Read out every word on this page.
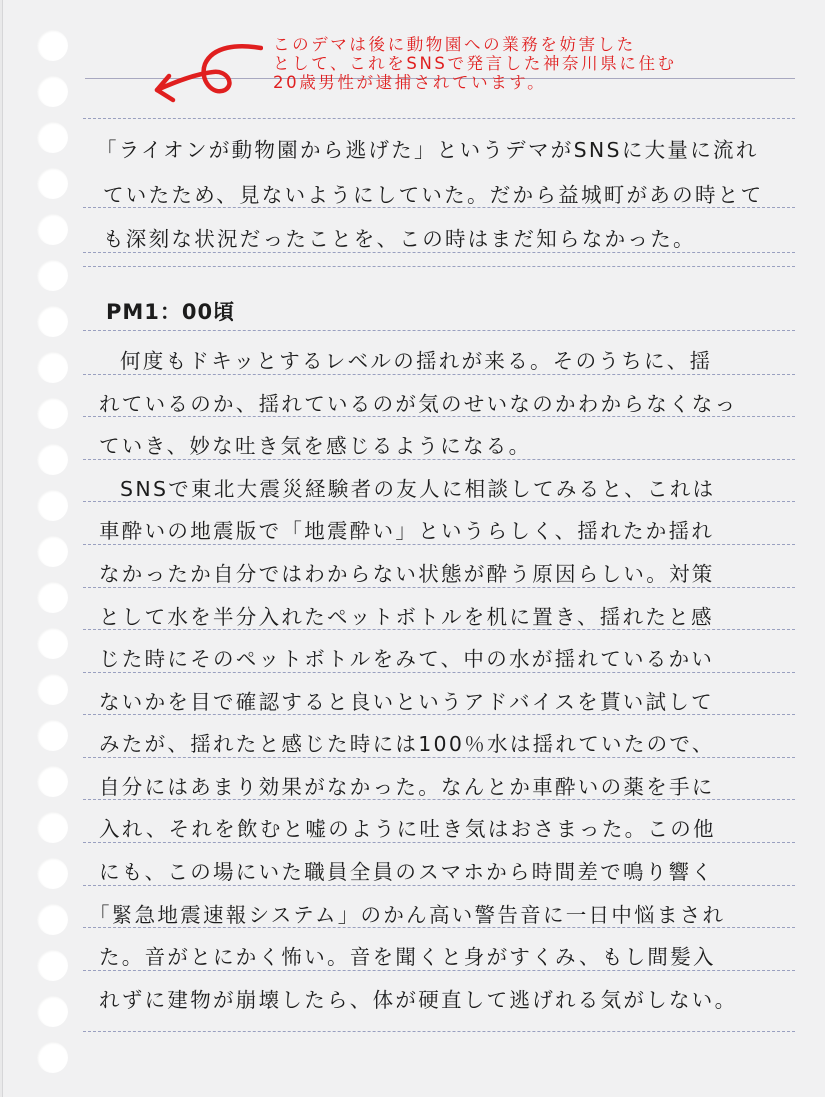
このデマは後に動物園への業務を妨害した
として、これをSNSで発言した神奈川県に住む
20歳男性が逮捕されています。
「ライオンが動物園から逃げた」というデマがSNSに大量に流れ
ていたため、見ないようにしていた。だから益城町があの時とて
も深刻な状況だったことを、この時はまだ知らなかった。
PM1：00頃
何度もドキッとするレベルの揺れが来る。そのうちに、揺
れているのか、揺れているのが気のせいなのかわからなくなっ
ていき、妙な吐き気を感じるようになる。
SNSで東北大震災経験者の友人に相談してみると、これは
車酔いの地震版で「地震酔い」というらしく、揺れたか揺れ
なかったか自分ではわからない状態が酔う原因らしい。対策
として水を半分入れたペットボトルを机に置き、揺れたと感
じた時にそのペットボトルをみて、中の水が揺れているかい
ないかを目で確認すると良いというアドバイスを貰い試して
みたが、揺れたと感じた時には100％水は揺れていたので、
自分にはあまり効果がなかった。なんとか車酔いの薬を手に
入れ、それを飲むと嘘のように吐き気はおさまった。この他
にも、この場にいた職員全員のスマホから時間差で鳴り響く
「緊急地震速報システム」のかん高い警告音に一日中悩まされ
た。音がとにかく怖い。音を聞くと身がすくみ、もし間髪入
れずに建物が崩壊したら、体が硬直して逃げれる気がしない。
